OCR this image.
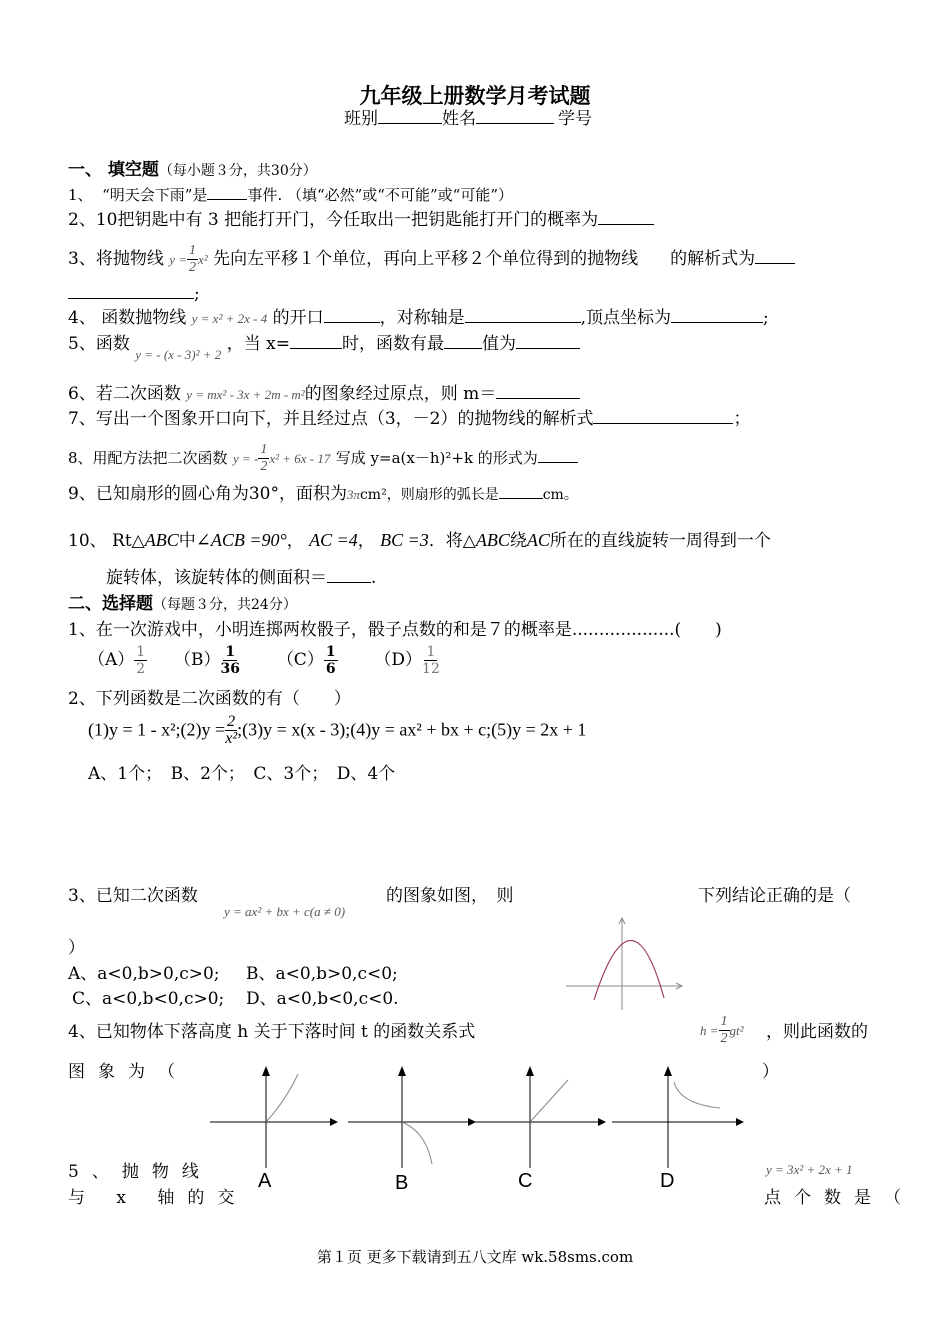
九年级上册数学月考试题
班别	姓名	学号
一、 填空题（每小题３分，共30分）
1、 “明天会下雨”是	事件. （填“必然”或“不可能”或“可能”）
2、10把钥匙中有 3 把能打开门，今任取出一把钥匙能打开门的概率为
3、将抛物线 $y = \frac{1}{2} x^2$ 先向左平移１个单位，再向上平移２个单位得到的抛物线 的解析式为
;
4、 函数抛物线 y = x² + 2x - 4 的开口	，对称轴是	,顶点坐标为	;
5、函数 $_{y = - (x - 3)^2 + 2}$ ，当 x=	时，函数有最 值为
6、若二次函数 y = mx² - 3x + 2m - m²的图象经过原点，则 m＝
7、写出一个图象开口向下，并且经过点（3，－2）的抛物线的解析式	；
8、用配方法把二次函数 y = - $\frac{1}{2} x^2 + 6x - 17$ 写成 y=a(x－h)²+k 的形式为
9、已知扇形的圆心角为30°，面积为3πcm²，则扇形的弧长是	cm。
10、 Rt△ABC中∠ACB =90°， AC =4， BC =3．将△ABC绕AC所在的直线旋转一周得到一个
旋转体，该旋转体的侧面积＝	.
二、选择题（每题３分，共24分）
1、在一次游戏中，小明连掷两枚骰子，骰子点数的和是７的概率是...................(　　)
$(A) \frac{1}{2} (B) \frac{1}{36} (C) \frac{1}{6} (D) \frac{1}{12}$
2、下列函数是二次函数的有（　　）
(1)y = 1 - x²;(2)y = $\frac{2}{\text{x²}}$ ;(3)y = x(x - 3);(4)y = ax² + bx + c;(5)y = 2x + 1
A、1个；　B、2个；　C、3个；　D、4个
3、已知二次函数
y = ax² + bx + c(a ≠ 0)
的图象如图，　则	下列结论正确的是（
）
A、a<0,b>0,c>0; B、a<0,b>0,c<0;
C、a<0,b<0,c>0; D、a<0,b<0,c<0.
4、已知物体下落高度 h 关于下落时间 t 的函数关系式	$h = \frac{1}{2} gt^2$ ，则此函数的
图象为（	）
A	B	C	D
5、抛物线
与 x 轴的交
y = 3x² + 2x + 1
点个数是（
第１页 更多下载请到五八文库 wk.58sms.com
